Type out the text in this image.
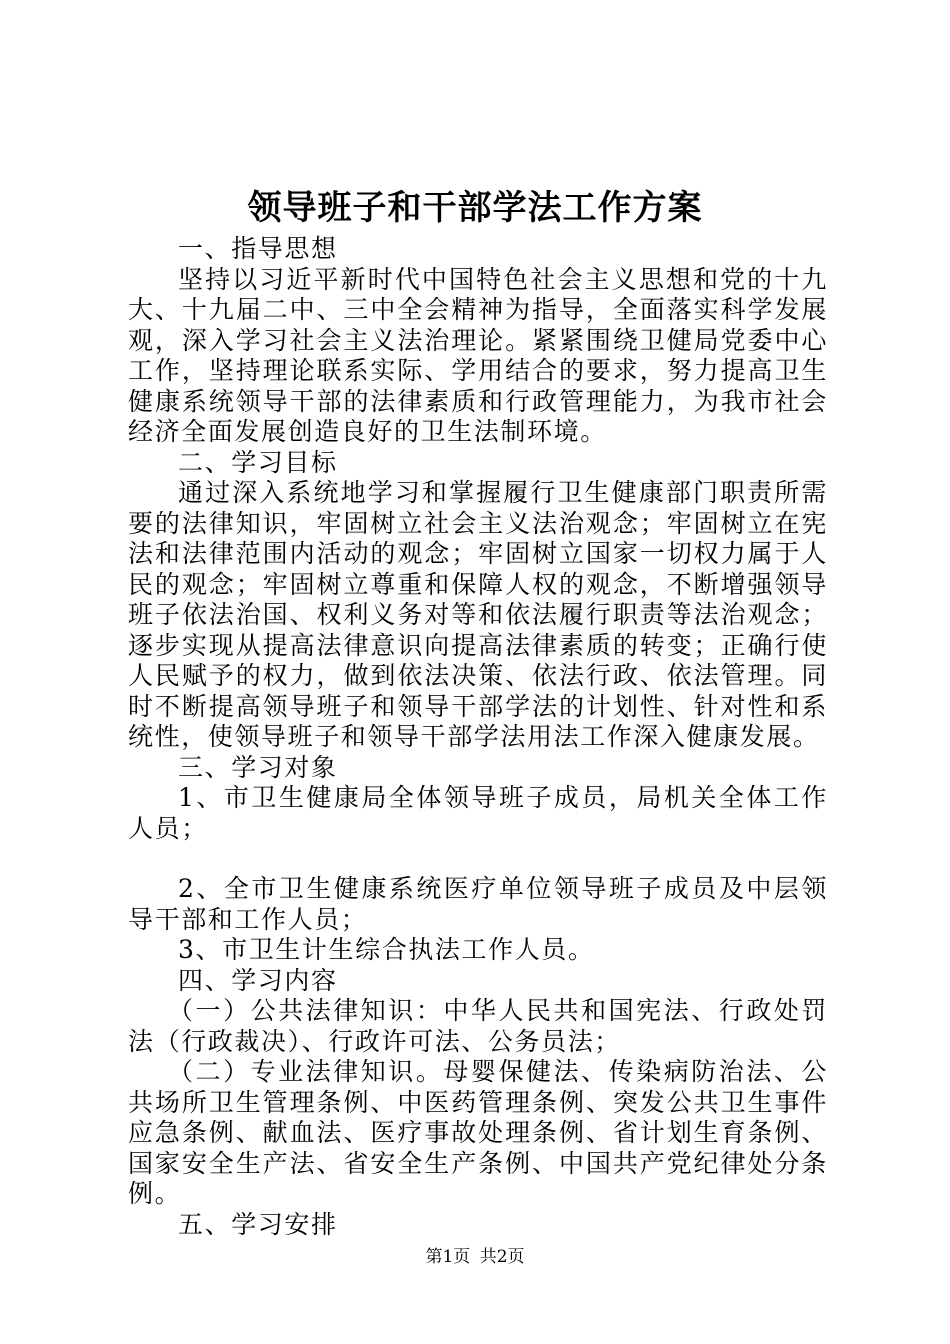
领导班子和干部学法工作方案

一、指导思想

坚持以习近平新时代中国特色社会主义思想和党的十九大、十九届二中、三中全会精神为指导，全面落实科学发展观，深入学习社会主义法治理论。紧紧围绕卫健局党委中心工作，坚持理论联系实际、学用结合的要求，努力提高卫生健康系统领导干部的法律素质和行政管理能力，为我市社会经济全面发展创造良好的卫生法制环境。

二、学习目标

通过深入系统地学习和掌握履行卫生健康部门职责所需要的法律知识，牢固树立社会主义法治观念；牢固树立在宪法和法律范围内活动的观念；牢固树立国家一切权力属于人民的观念；牢固树立尊重和保障人权的观念，不断增强领导班子依法治国、权利义务对等和依法履行职责等法治观念；逐步实现从提高法律意识向提高法律素质的转变；正确行使人民赋予的权力，做到依法决策、依法行政、依法管理。同时不断提高领导班子和领导干部学法的计划性、针对性和系统性，使领导班子和领导干部学法用法工作深入健康发展。

三、学习对象

1、市卫生健康局全体领导班子成员，局机关全体工作人员；

2、全市卫生健康系统医疗单位领导班子成员及中层领导干部和工作人员；

3、市卫生计生综合执法工作人员。

四、学习内容

（一）公共法律知识：中华人民共和国宪法、行政处罚法（行政裁决）、行政许可法、公务员法；

（二）专业法律知识。母婴保健法、传染病防治法、公共场所卫生管理条例、中医药管理条例、突发公共卫生事件应急条例、献血法、医疗事故处理条例、省计划生育条例、国家安全生产法、省安全生产条例、中国共产党纪律处分条例。

五、学习安排

第1页 共2页
